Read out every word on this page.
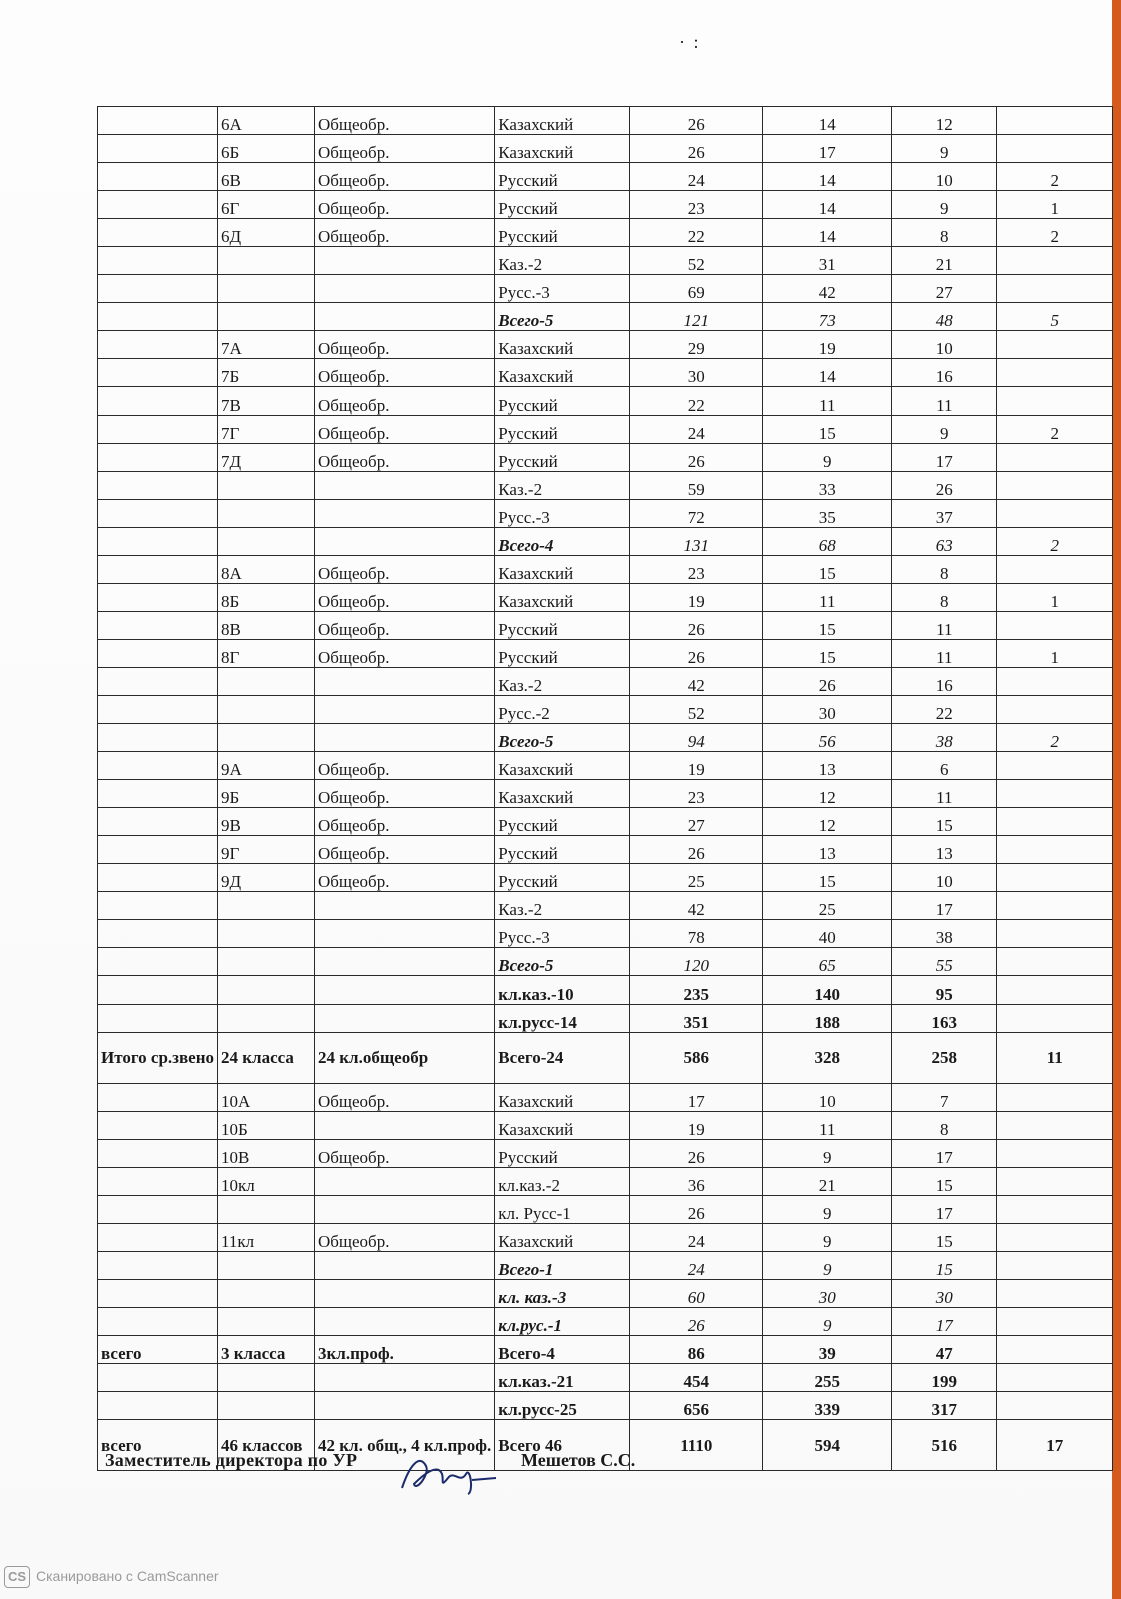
· :
	6А	Общеобр.	Казахский	26	14	12	
	6Б	Общеобр.	Казахский	26	17	9	
	6В	Общеобр.	Русский	24	14	10	2
	6Г	Общеобр.	Русский	23	14	9	1
	6Д	Общеобр.	Русский	22	14	8	2
			Каз.-2	52	31	21	
			Русс.-3	69	42	27	
			Всего-5	121	73	48	5
	7А	Общеобр.	Казахский	29	19	10	
	7Б	Общеобр.	Казахский	30	14	16	
	7В	Общеобр.	Русский	22	11	11	
	7Г	Общеобр.	Русский	24	15	9	2
	7Д	Общеобр.	Русский	26	9	17	
			Каз.-2	59	33	26	
			Русс.-3	72	35	37	
			Всего-4	131	68	63	2
	8А	Общеобр.	Казахский	23	15	8	
	8Б	Общеобр.	Казахский	19	11	8	1
	8В	Общеобр.	Русский	26	15	11	
	8Г	Общеобр.	Русский	26	15	11	1
			Каз.-2	42	26	16	
			Русс.-2	52	30	22	
			Всего-5	94	56	38	2
	9А	Общеобр.	Казахский	19	13	6	
	9Б	Общеобр.	Казахский	23	12	11	
	9В	Общеобр.	Русский	27	12	15	
	9Г	Общеобр.	Русский	26	13	13	
	9Д	Общеобр.	Русский	25	15	10	
			Каз.-2	42	25	17	
			Русс.-3	78	40	38	
			Всего-5	120	65	55	
			кл.каз.-10	235	140	95	
			кл.русс-14	351	188	163	
Итого ср.звено	24 класса	24 кл.общеобр	Всего-24	586	328	258	11
	10А	Общеобр.	Казахский	17	10	7	
	10Б		Казахский	19	11	8	
	10В	Общеобр.	Русский	26	9	17	
	10кл		кл.каз.-2	36	21	15	
			кл. Русс-1	26	9	17	
	11кл	Общеобр.	Казахский	24	9	15	
			Всего-1	24	9	15	
			кл. каз.-3	60	30	30	
			кл.рус.-1	26	9	17	
всего	3 класса	3кл.проф.	Всего-4	86	39	47	
			кл.каз.-21	454	255	199	
			кл.русс-25	656	339	317	
всего	46 классов	42 кл. общ., 4 кл.проф.	Всего 46	1110	594	516	17
Заместитель директора по УР	Мешетов С.С.
CS Сканировано с CamScanner
